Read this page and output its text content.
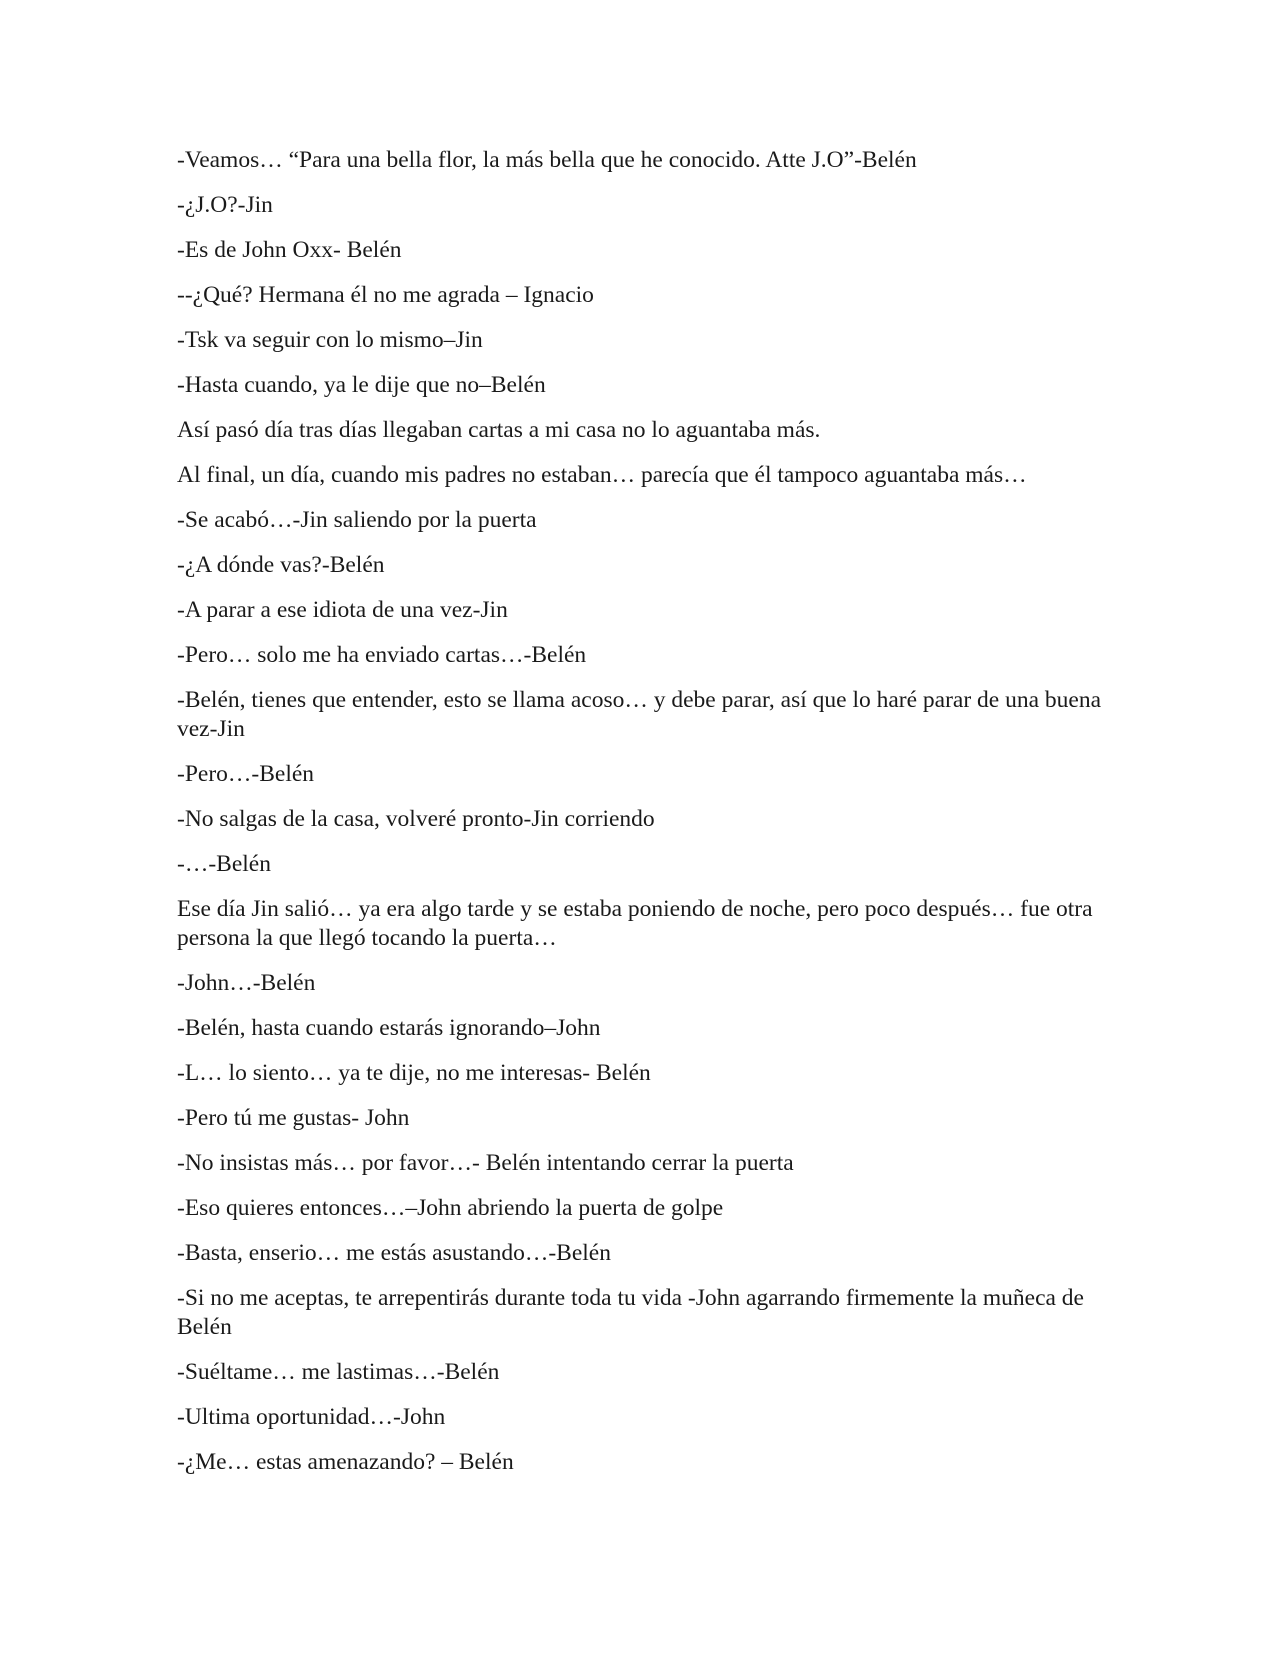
-Veamos… “Para una bella flor, la más bella que he conocido. Atte J.O”-Belén

-¿J.O?-Jin

-Es de John Oxx- Belén

--¿Qué? Hermana él no me agrada – Ignacio

-Tsk va seguir con lo mismo–Jin

-Hasta cuando, ya le dije que no–Belén

Así pasó día tras días llegaban cartas a mi casa no lo aguantaba más.

Al final, un día, cuando mis padres no estaban… parecía que él tampoco aguantaba más…

-Se acabó…-Jin saliendo por la puerta

-¿A dónde vas?-Belén

-A parar a ese idiota de una vez-Jin

-Pero… solo me ha enviado cartas…-Belén

-Belén, tienes que entender, esto se llama acoso… y debe parar, así que lo haré parar de una buena vez-Jin

-Pero…-Belén

-No salgas de la casa, volveré pronto-Jin corriendo

-…-Belén

Ese día Jin salió… ya era algo tarde y se estaba poniendo de noche, pero poco después… fue otra persona la que llegó tocando la puerta…

-John…-Belén

-Belén, hasta cuando estarás ignorando–John

-L… lo siento… ya te dije, no me interesas- Belén

-Pero tú me gustas- John

-No insistas más… por favor…- Belén intentando cerrar la puerta

-Eso quieres entonces…–John abriendo la puerta de golpe

-Basta, enserio… me estás asustando…-Belén

-Si no me aceptas, te arrepentirás durante toda tu vida -John agarrando firmemente la muñeca de Belén

-Suéltame… me lastimas…-Belén

-Ultima oportunidad…-John

-¿Me… estas amenazando? – Belén
